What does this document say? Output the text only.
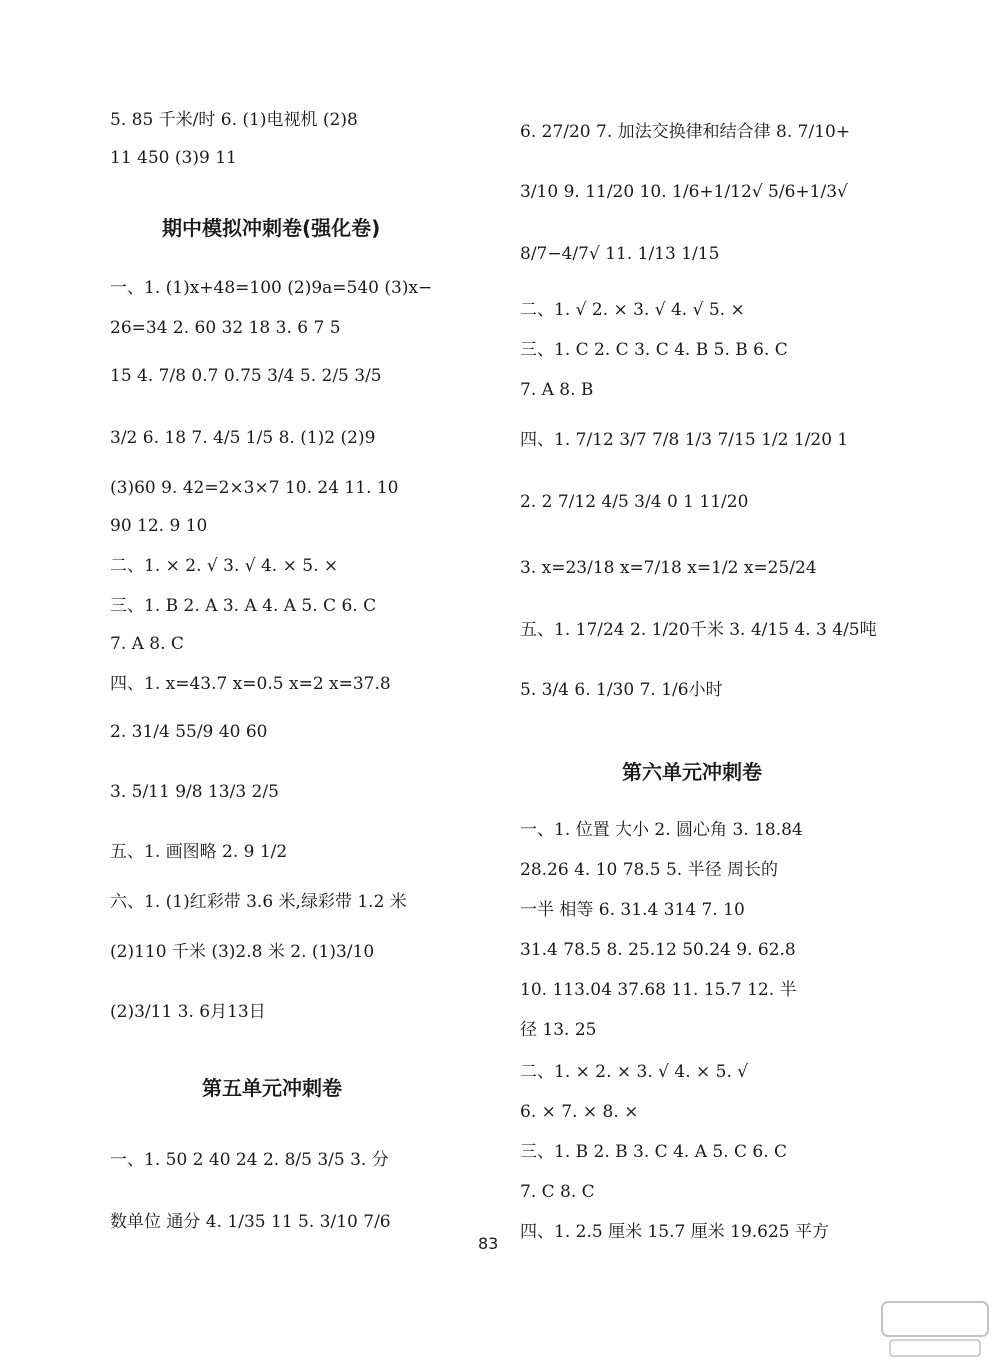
5. 85 千米/时 6. (1)电视机 (2)8
11 450 (3)9 11
期中模拟冲刺卷(强化卷)
一、1. (1)x+48=100 (2)9a=540 (3)x−
26=34 2. 60 32 18 3. 6 7 5
15 4. 7/8 0.7 0.75 3/4 5. 2/5 3/5
3/2 6. 18 7. 4/5 1/5 8. (1)2 (2)9
(3)60 9. 42=2×3×7 10. 24 11. 10
90 12. 9 10
二、1. × 2. √ 3. √ 4. × 5. ×
三、1. B 2. A 3. A 4. A 5. C 6. C
7. A 8. C
四、1. x=43.7 x=0.5 x=2 x=37.8
2. 31/4 55/9 40 60
3. 5/11 9/8 13/3 2/5
五、1. 画图略 2. 9 1/2
六、1. (1)红彩带 3.6 米,绿彩带 1.2 米
(2)110 千米 (3)2.8 米 2. (1)3/10
(2)3/11 3. 6月13日
第五单元冲刺卷
一、1. 50 2 40 24 2. 8/5 3/5 3. 分
数单位 通分 4. 1/35 11 5. 3/10 7/6
6. 27/20 7. 加法交换律和结合律 8. 7/10+
3/10 9. 11/20 10. 1/6+1/12√ 5/6+1/3√
8/7−4/7√ 11. 1/13 1/15
二、1. √ 2. × 3. √ 4. √ 5. ×
三、1. C 2. C 3. C 4. B 5. B 6. C
7. A 8. B
四、1. 7/12 3/7 7/8 1/3 7/15 1/2 1/20 1
2. 2 7/12 4/5 3/4 0 1 11/20
3. x=23/18 x=7/18 x=1/2 x=25/24
五、1. 17/24 2. 1/20千米 3. 4/15 4. 3 4/5吨
5. 3/4 6. 1/30 7. 1/6小时
第六单元冲刺卷
一、1. 位置 大小 2. 圆心角 3. 18.84
28.26 4. 10 78.5 5. 半径 周长的
一半 相等 6. 31.4 314 7. 10
31.4 78.5 8. 25.12 50.24 9. 62.8
10. 113.04 37.68 11. 15.7 12. 半
径 13. 25
二、1. × 2. × 3. √ 4. × 5. √
6. × 7. × 8. ×
三、1. B 2. B 3. C 4. A 5. C 6. C
7. C 8. C
四、1. 2.5 厘米 15.7 厘米 19.625 平方
83
